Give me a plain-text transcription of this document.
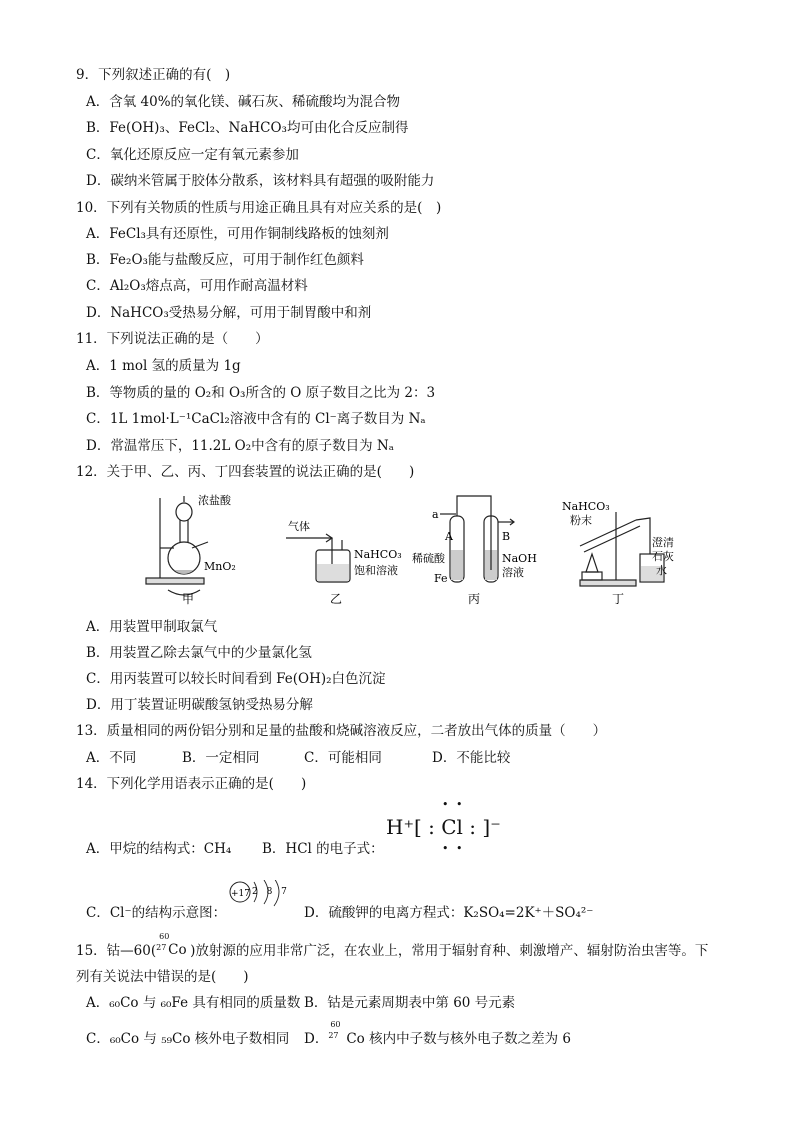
9．下列叙述正确的有(　)
A．含氧 40%的氧化镁、碱石灰、稀硫酸均为混合物
B．Fe(OH)₃、FeCl₂、NaHCO₃均可由化合反应制得
C．氧化还原反应一定有氧元素参加
D．碳纳米管属于胶体分散系，该材料具有超强的吸附能力
10．下列有关物质的性质与用途正确且具有对应关系的是(　)
A．FeCl₃具有还原性，可用作铜制线路板的蚀刻剂
B．Fe₂O₃能与盐酸反应，可用于制作红色颜料
C．Al₂O₃熔点高，可用作耐高温材料
D．NaHCO₃受热易分解，可用于制胃酸中和剂
11．下列说法正确的是（　　）
A．1 mol 氢的质量为 1g
B．等物质的量的 O₂和 O₃所含的 O 原子数目之比为 2：3
C．1L 1mol·L⁻¹CaCl₂溶液中含有的 Cl⁻离子数目为 Nₐ
D．常温常压下，11.2L O₂中含有的原子数目为 Nₐ
12．关于甲、乙、丙、丁四套装置的说法正确的是(　　)
浓盐酸
MnO₂
甲
气体
NaHCO₃
饱和溶液
乙
a
A	B
稀硫酸
Fe
NaOH
溶液
丙
NaHCO₃
粉末
澄清
石灰
水
丁
A．用装置甲制取氯气
B．用装置乙除去氯气中的少量氯化氢
C．用丙装置可以较长时间看到 Fe(OH)₂白色沉淀
D．用丁装置证明碳酸氢钠受热易分解
13．质量相同的两份铝分别和足量的盐酸和烧碱溶液反应，二者放出气体的质量（　　）
A．不同	B．一定相同	C．可能相同	D．不能比较
14．下列化学用语表示正确的是(　　)
• •
H⁺[ : Cl : ]⁻
• •
A．甲烷的结构式：CH₄ B．HCl 的电子式：
C．Cl⁻的结构示意图：
+17 2 8 7
D．硫酸钾的电离方程式：K₂SO₄=2K⁺＋SO₄²⁻
15．钴—60(
60
27 Co )放射源的应用非常广泛，在农业上，常用于辐射育种、刺激增产、辐射防治虫害等。下
列有关说法中错误的是(　　)
A．₆₀Co 与 ₆₀Fe 具有相同的质量数 B．钴是元素周期表中第 60 号元素
C．₆₀Co 与 ₅₉Co 核外电子数相同 D．
60
27 Co 核内中子数与核外电子数之差为 6
